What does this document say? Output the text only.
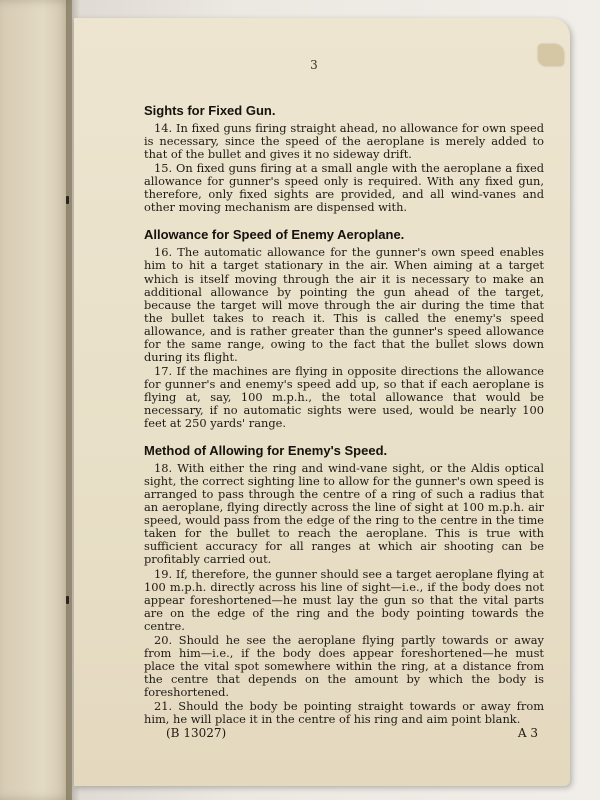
3
Sights for Fixed Gun.

14. In fixed guns firing straight ahead, no allowance for own speed is necessary, since the speed of the aeroplane is merely added to that of the bullet and gives it no sideway drift.

15. On fixed guns firing at a small angle with the aeroplane a fixed allowance for gunner's speed only is required. With any fixed gun, therefore, only fixed sights are provided, and all wind-vanes and other moving mechanism are dispensed with.

Allowance for Speed of Enemy Aeroplane.

16. The automatic allowance for the gunner's own speed enables him to hit a target stationary in the air. When aiming at a target which is itself moving through the air it is necessary to make an additional allowance by pointing the gun ahead of the target, because the target will move through the air during the time that the bullet takes to reach it. This is called the enemy's speed allowance, and is rather greater than the gunner's speed allowance for the same range, owing to the fact that the bullet slows down during its flight.

17. If the machines are flying in opposite directions the allowance for gunner's and enemy's speed add up, so that if each aeroplane is flying at, say, 100 m.p.h., the total allowance that would be necessary, if no automatic sights were used, would be nearly 100 feet at 250 yards' range.

Method of Allowing for Enemy's Speed.

18. With either the ring and wind-vane sight, or the Aldis optical sight, the correct sighting line to allow for the gunner's own speed is arranged to pass through the centre of a ring of such a radius that an aeroplane, flying directly across the line of sight at 100 m.p.h. air speed, would pass from the edge of the ring to the centre in the time taken for the bullet to reach the aeroplane. This is true with sufficient accuracy for all ranges at which air shooting can be profitably carried out.

19. If, therefore, the gunner should see a target aeroplane flying at 100 m.p.h. directly across his line of sight—i.e., if the body does not appear foreshortened—he must lay the gun so that the vital parts are on the edge of the ring and the body pointing towards the centre.

20. Should he see the aeroplane flying partly towards or away from him—i.e., if the body does appear foreshortened—he must place the vital spot somewhere within the ring, at a distance from the centre that depends on the amount by which the body is foreshortened.

21. Should the body be pointing straight towards or away from him, he will place it in the centre of his ring and aim point blank.

(B 13027)	A 3
